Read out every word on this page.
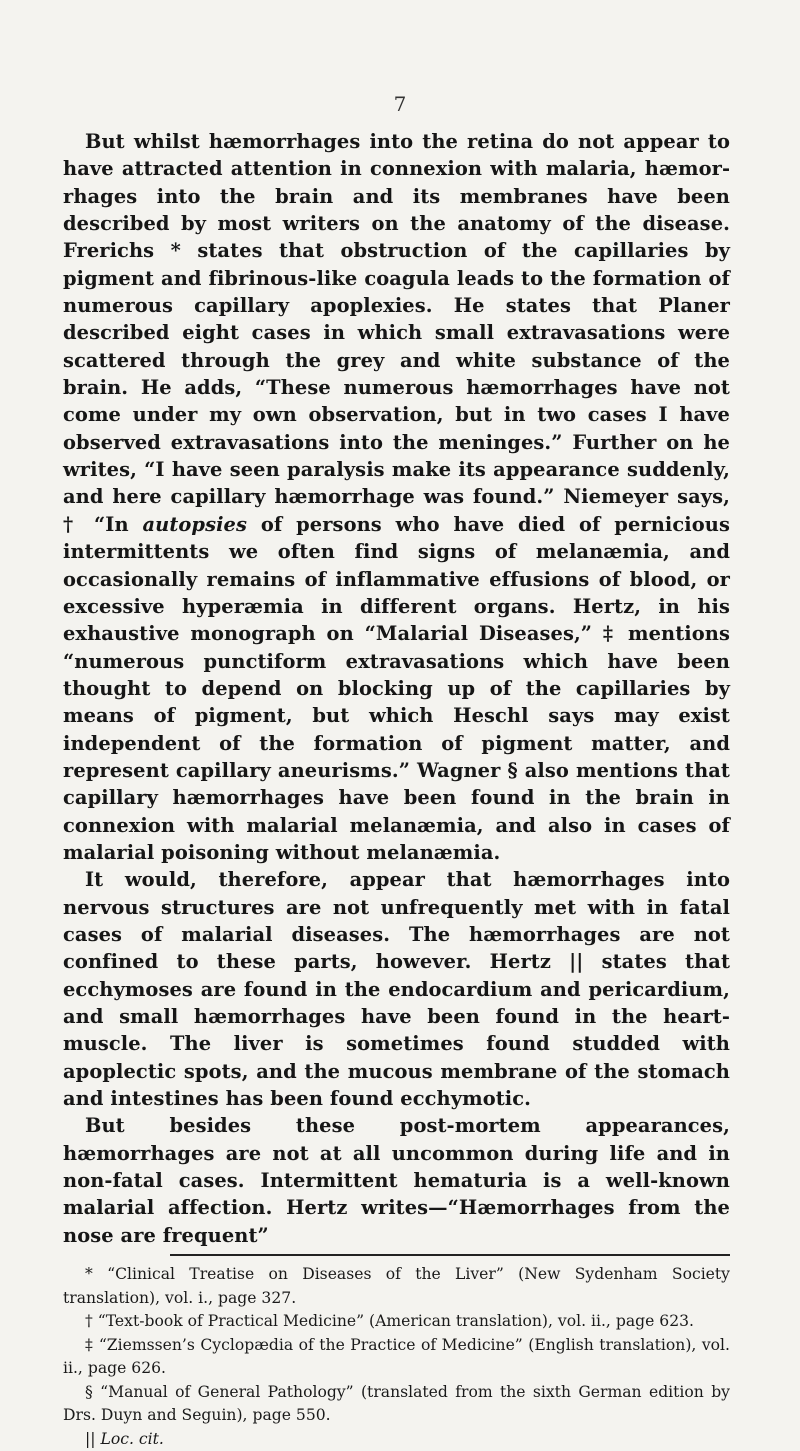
7

But whilst hæmorrhages into the retina do not appear to have attracted attention in connexion with malaria, hæmorrhages into the brain and its membranes have been described by most writers on the anatomy of the disease. Frerichs * states that obstruction of the capillaries by pigment and fibrinous-like coagula leads to the formation of numerous capillary apoplexies. He states that Planer described eight cases in which small extravasations were scattered through the grey and white substance of the brain. He adds, “These numerous hæmorrhages have not come under my own observation, but in two cases I have observed extravasations into the meninges.” Further on he writes, “I have seen paralysis make its appearance suddenly, and here capillary hæmorrhage was found.” Niemeyer says, † “In autopsies of persons who have died of pernicious intermittents we often find signs of melanæmia, and occasionally remains of inflammative effusions of blood, or excessive hyperæmia in different organs. Hertz, in his exhaustive monograph on “Malarial Diseases,” ‡ mentions “numerous punctiform extravasations which have been thought to depend on blocking up of the capillaries by means of pigment, but which Heschl says may exist independent of the formation of pigment matter, and represent capillary aneurisms.” Wagner § also mentions that capillary hæmorrhages have been found in the brain in connexion with malarial melanæmia, and also in cases of malarial poisoning without melanæmia.

It would, therefore, appear that hæmorrhages into nervous structures are not unfrequently met with in fatal cases of malarial diseases. The hæmorrhages are not confined to these parts, however. Hertz || states that ecchymoses are found in the endocardium and pericardium, and small hæmorrhages have been found in the heart-muscle. The liver is sometimes found studded with apoplectic spots, and the mucous membrane of the stomach and intestines has been found ecchymotic.

But besides these post-mortem appearances, hæmorrhages are not at all uncommon during life and in non-fatal cases. Intermittent hematuria is a well-known malarial affection. Hertz writes—“Hæmorrhages from the nose are frequent”

* “Clinical Treatise on Diseases of the Liver” (New Sydenham Society translation), vol. i., page 327.

† “Text-book of Practical Medicine” (American translation), vol. ii., page 623.

‡ “Ziemssen’s Cyclopædia of the Practice of Medicine” (English translation), vol. ii., page 626.

§ “Manual of General Pathology” (translated from the sixth German edition by Drs. Duyn and Seguin), page 550.

|| Loc. cit.
